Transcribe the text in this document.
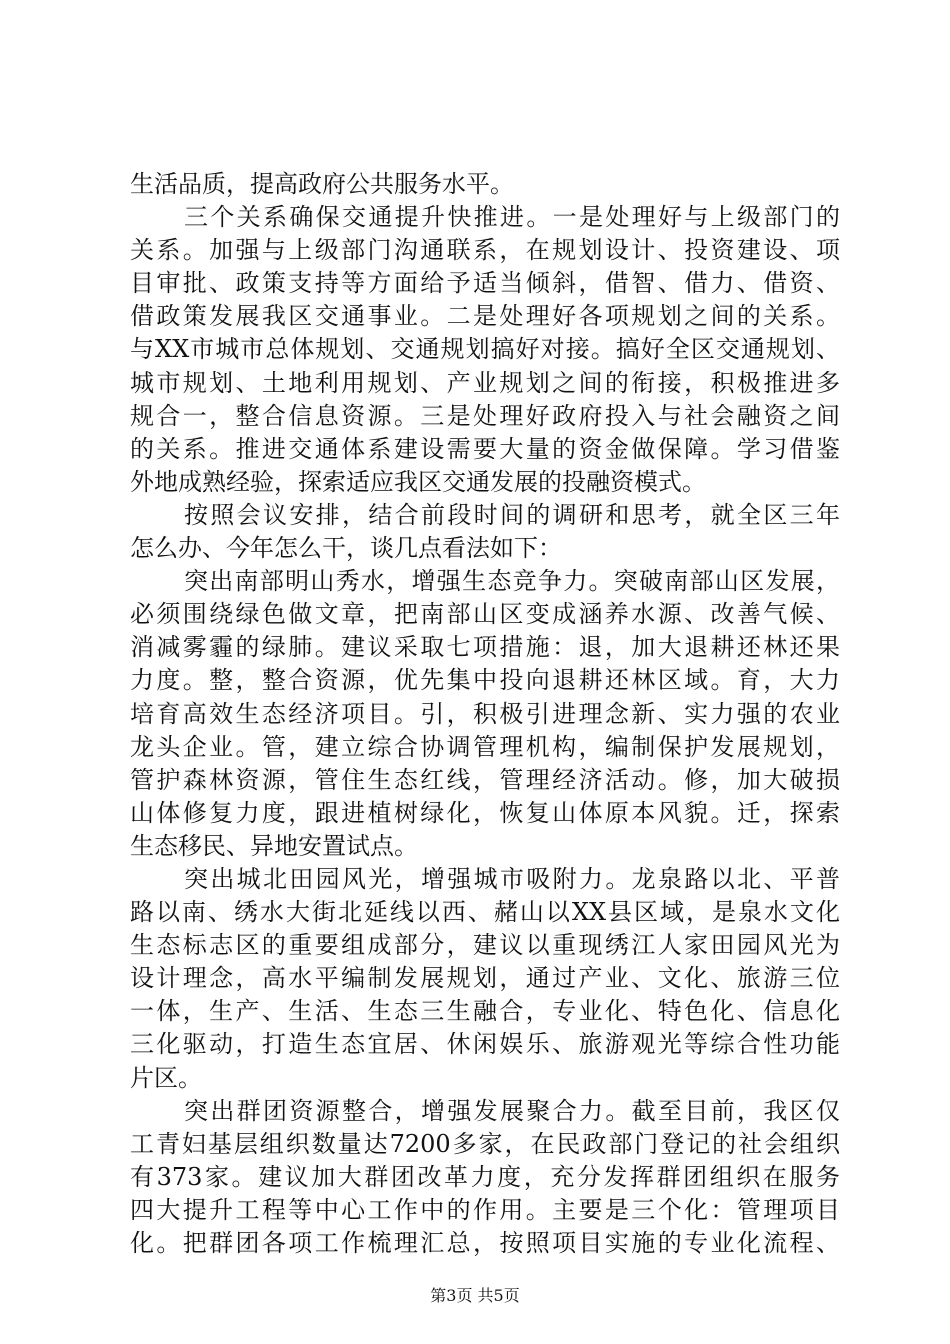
生活品质，提高政府公共服务水平。
三个关系确保交通提升快推进。一是处理好与上级部门的
关系。加强与上级部门沟通联系，在规划设计、投资建设、项
目审批、政策支持等方面给予适当倾斜，借智、借力、借资、
借政策发展我区交通事业。二是处理好各项规划之间的关系。
与XX市城市总体规划、交通规划搞好对接。搞好全区交通规划、
城市规划、土地利用规划、产业规划之间的衔接，积极推进多
规合一，整合信息资源。三是处理好政府投入与社会融资之间
的关系。推进交通体系建设需要大量的资金做保障。学习借鉴
外地成熟经验，探索适应我区交通发展的投融资模式。
按照会议安排，结合前段时间的调研和思考，就全区三年
怎么办、今年怎么干，谈几点看法如下：
突出南部明山秀水，增强生态竞争力。突破南部山区发展，
必须围绕绿色做文章，把南部山区变成涵养水源、改善气候、
消减雾霾的绿肺。建议采取七项措施：退，加大退耕还林还果
力度。整，整合资源，优先集中投向退耕还林区域。育，大力
培育高效生态经济项目。引，积极引进理念新、实力强的农业
龙头企业。管，建立综合协调管理机构，编制保护发展规划，
管护森林资源，管住生态红线，管理经济活动。修，加大破损
山体修复力度，跟进植树绿化，恢复山体原本风貌。迁，探索
生态移民、异地安置试点。
突出城北田园风光，增强城市吸附力。龙泉路以北、平普
路以南、绣水大街北延线以西、赭山以XX县区域，是泉水文化
生态标志区的重要组成部分，建议以重现绣江人家田园风光为
设计理念，高水平编制发展规划，通过产业、文化、旅游三位
一体，生产、生活、生态三生融合，专业化、特色化、信息化
三化驱动，打造生态宜居、休闲娱乐、旅游观光等综合性功能
片区。
突出群团资源整合，增强发展聚合力。截至目前，我区仅
工青妇基层组织数量达7200多家，在民政部门登记的社会组织
有373家。建议加大群团改革力度，充分发挥群团组织在服务
四大提升工程等中心工作中的作用。主要是三个化：管理项目
化。把群团各项工作梳理汇总，按照项目实施的专业化流程、
第3页 共5页
